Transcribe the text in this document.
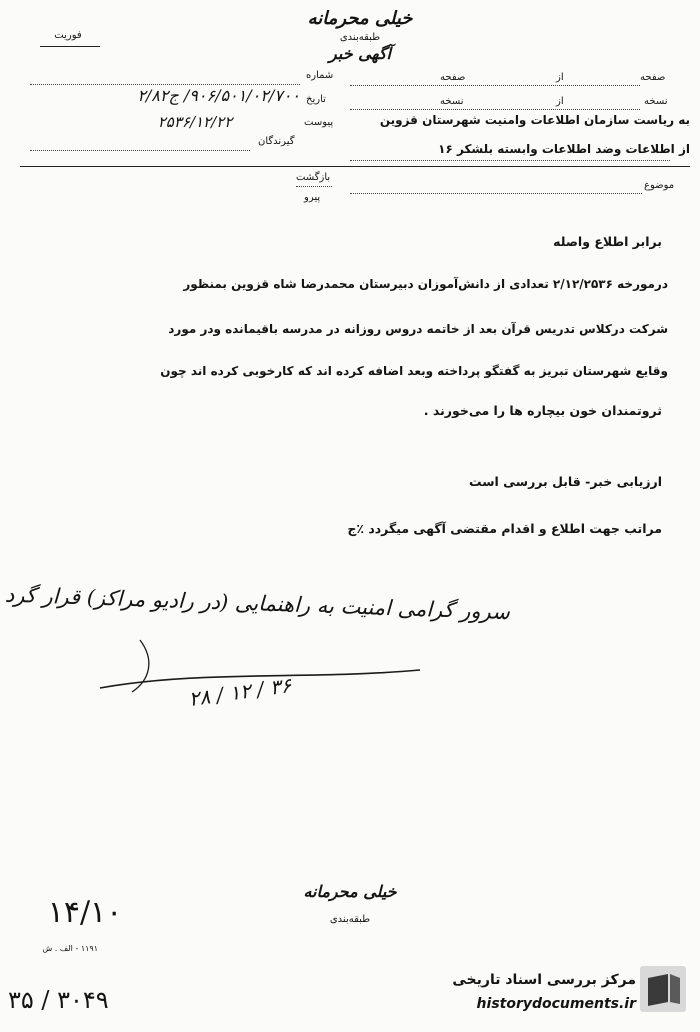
خیلی محرمانه
طبقه‌بندی
فوریت
آگهی خبر
صفحه
از
صفحه
نسخه
از
نسخه
به ریاست سازمان اطلاعات وامنیت شهرستان قزوین
از اطلاعات وضد اطلاعات وابسته بلشکر ۱۶
شماره
تاریخ
۹۰۶/۵۰۱/۰۲/۷۰۰/ ج۲/۸۲
پیوست
۲۵۳۶/۱۲/۲۲
گیرندگان
بازگشت
پیرو
موضوع
برابر اطلاع واصله
درمورخه ۲/۱۲/۲۵۳۶ تعدادی از دانش‌آموزان دبیرستان محمدرضا شاه قزوین بمنظور
شرکت درکلاس تدریس قرآن بعد از خاتمه دروس روزانه در مدرسه باقیمانده ودر مورد
وقایع شهرستان تبریز به گفتگو پرداخته وبعد اضافه کرده اند که کارخوبی کرده اند چون
ثروتمندان خون بیچاره ها را می‌خورند .
ارزیابی خبر- قابل بررسی است
مراتب جهت اطلاع و اقدام مقتضی آگهی میگردد ٪ج
سرور گرامی امنیت به راهنمایی (در رادیو مراکز) قرار گرد
۲۸ / ۱۲ / ۳۶
۱۴/۱۰
خیلی محرمانه
طبقه‌بندی
۱۱۹۱ - الف . ش
۳۵ / ۳۰۴۹
مرکز بررسی اسناد تاریخی
historydocuments.ir
